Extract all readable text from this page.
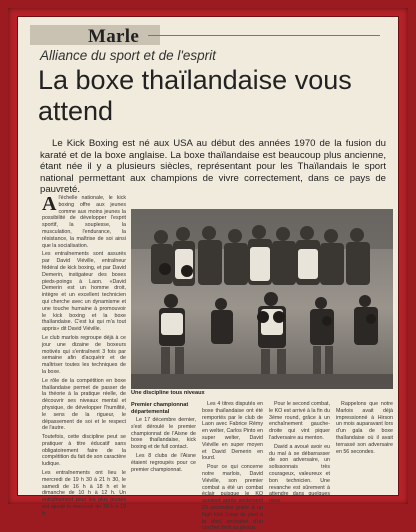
Marle
Alliance du sport et de l'esprit
La boxe thaïlandaise vous attend
Le Kick Boxing est né aux USA au début des années 1970 de la fusion du karaté et de la boxe anglaise. La boxe thaïlandaise est beaucoup plus ancienne, étant née il y a plusieurs siècles, représentant pour les Thaïlandais le sport national permettant aux champions de vivre correctement, dans ce pays de pauvreté.

Al'échelle nationale, le kick boxing offre aux jeunes comme aux moins jeunes la possibilité de développer l'esprit sportif, la souplesse, la musculation, l'endurance, la résistance, la maîtrise de soi ainsi que la socialisation.

Les entraînements sont assurés par David Viéville, entraîneur fédéral de kick boxing, et par David Demerin, instigateur des boxes pieds-poings à Laon. «David Demerin est un homme droit, intègre et un excellent technicien qui cherche avec un dynamisme et une touche humaine à promouvoir le kick boxing et la boxe thaïlandaise. C'est lui qui m'a tout appris» dit David Viéville.

Le club marlois regroupe déjà à ce jour une dizaine de boxeurs motivés qui s'entraînent 3 fois par semaine afin d'acquérir et de maîtriser toutes les techniques de la boxe.

Le rôle de la compétition en boxe thaïlandaise permet de passer de la théorie à la pratique réelle, de découvrir ses niveaux mental et physique, de développer l'humilité, le sens de la rigueur, le dépassement de soi et le respect de l'autre.

Toutefois, cette discipline peut se pratiquer à titre éducatif sans obligatoirement faire de la compétition du fait de son caractère ludique.

Les entraînements ont lieu le mercredi de 19 h 30 à 21 h 30, le samedi de 16 h à 18 h et le dimanche de 10 h à 12 h. Un entraînement pour les plus jeunes est ajouté le mercredi de 18 h à 19 h.

Une discipline tous niveaux
Premier championnat départemental

Le 17 décembre dernier, s'est déroulé le premier championnat de l'Aisne de boxe thaïlandaise, kick boxing et de full contact.

Les 8 clubs de l'Aisne étaient regroupés pour ce premier championnat.

Les 4 titres disputés en boxe thaïlandaise ont été remportés par le club de Laon avec Fabrice Rémy en welter, Carlos Pinto en super welter, David Viéville en super moyen et David Demerin en lourd.

Pour ce qui concerne notre marlois, David Viéville, son premier combat a été un combat éclair puisque le KO survient après seulement 23 secondes grâce à un high kick (coup de pied à la tête) enchaîné d'un crochet droit au plexus.

Pour le second combat, le KO est arrivé à la fin du 3ème round, grâce à un enchaînement gauche-droite qui vint piquer l'adversaire au menton.

David a avoué avoir eu du mal à se débarrasser de son adversaire, un solissonnais très courageux, valeureux et bon technicien. Une revanche est sûrement à attendre dans quelques mois.

Rappelons que notre Marlois avait déjà impressionné à Hirson un mois auparavant lors d'un gala de boxe thaïlandaise où il avait terrassé son adversaire en 56 secondes.
